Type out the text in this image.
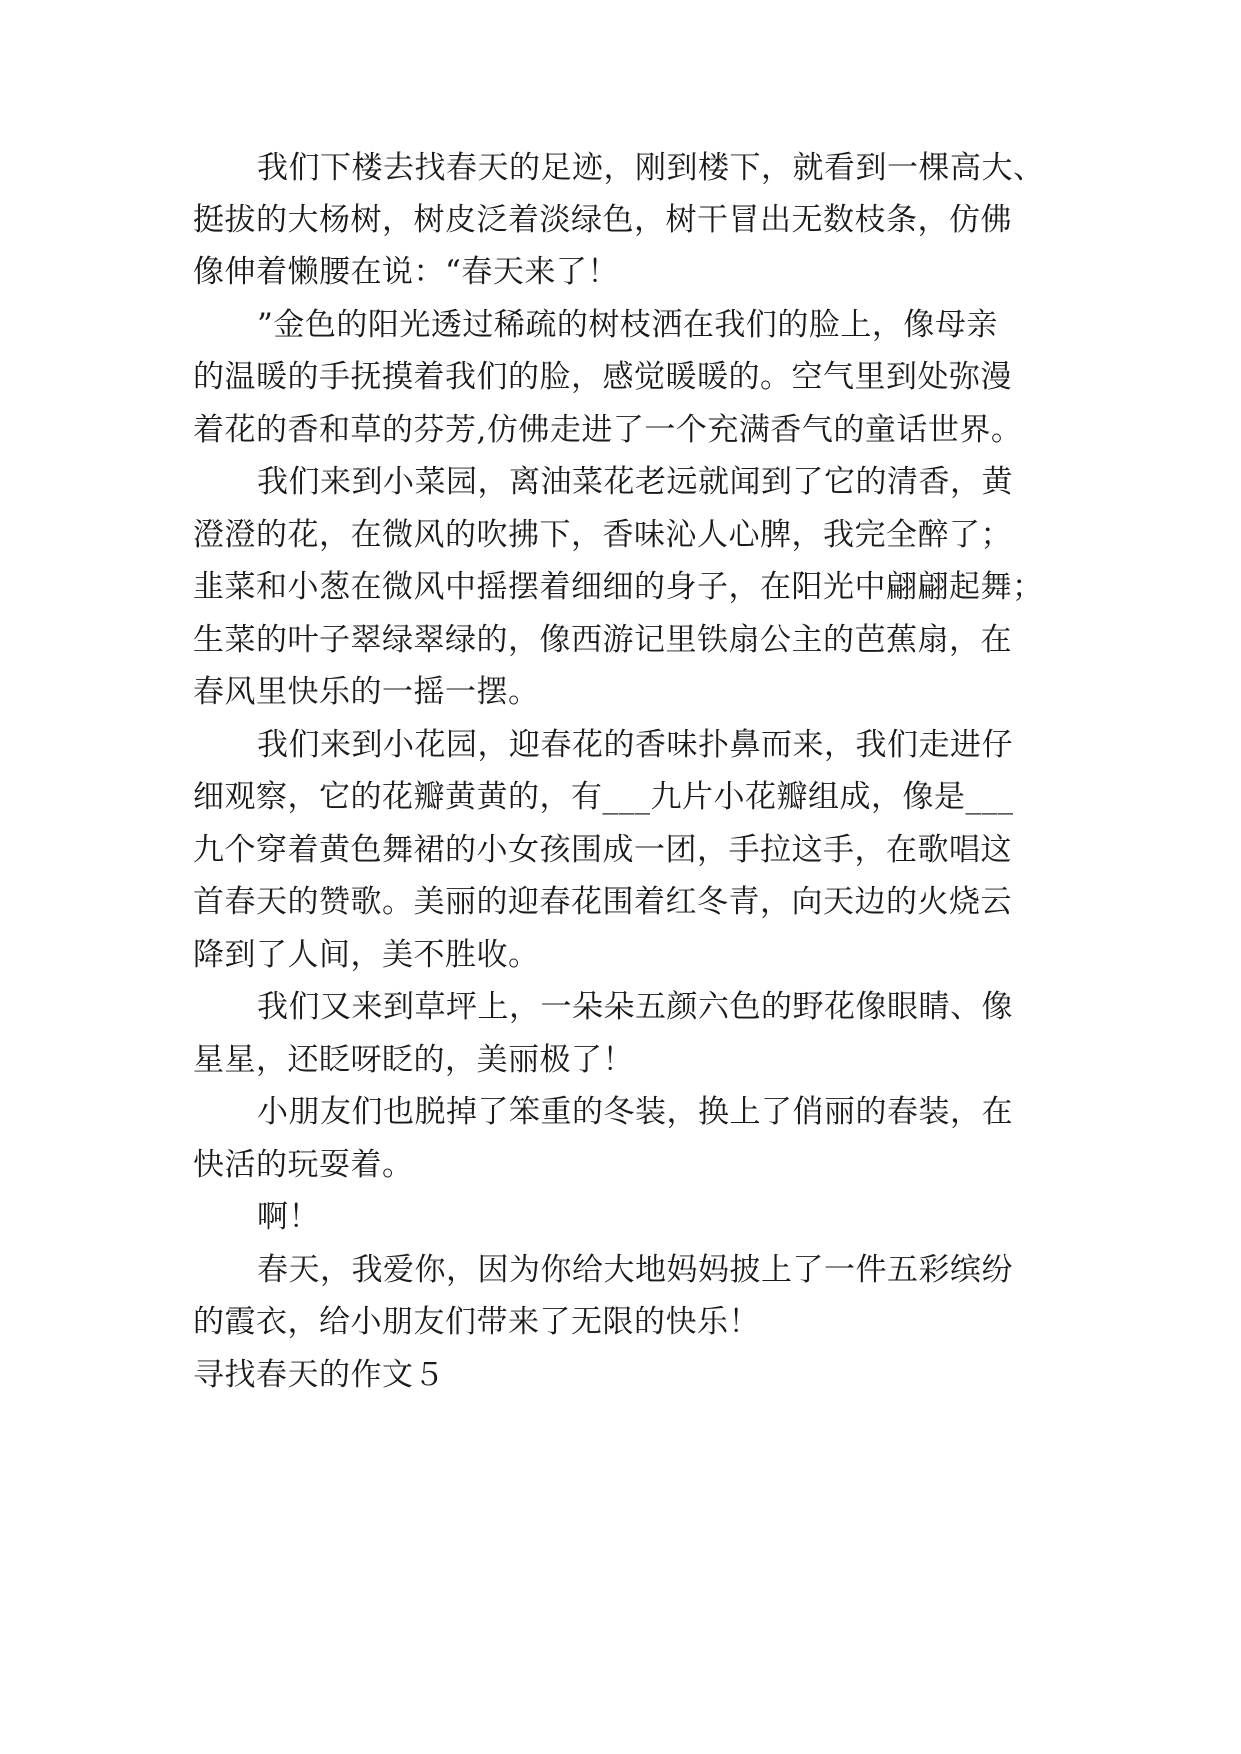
我们下楼去找春天的足迹，刚到楼下，就看到一棵高大、
挺拔的大杨树，树皮泛着淡绿色，树干冒出无数枝条，仿佛
像伸着懒腰在说：“春天来了！
”金色的阳光透过稀疏的树枝洒在我们的脸上，像母亲
的温暖的手抚摸着我们的脸，感觉暖暖的。空气里到处弥漫
着花的香和草的芬芳,仿佛走进了一个充满香气的童话世界。
我们来到小菜园，离油菜花老远就闻到了它的清香，黄
澄澄的花，在微风的吹拂下，香味沁人心脾，我完全醉了；
韭菜和小葱在微风中摇摆着细细的身子，在阳光中翩翩起舞；
生菜的叶子翠绿翠绿的，像西游记里铁扇公主的芭蕉扇，在
春风里快乐的一摇一摆。
我们来到小花园，迎春花的香味扑鼻而来，我们走进仔
细观察，它的花瓣黄黄的，有___九片小花瓣组成，像是___
九个穿着黄色舞裙的小女孩围成一团，手拉这手，在歌唱这
首春天的赞歌。美丽的迎春花围着红冬青，向天边的火烧云
降到了人间，美不胜收。
我们又来到草坪上，一朵朵五颜六色的野花像眼睛、像
星星，还眨呀眨的，美丽极了！
小朋友们也脱掉了笨重的冬装，换上了俏丽的春装，在
快活的玩耍着。
啊！
春天，我爱你，因为你给大地妈妈披上了一件五彩缤纷
的霞衣，给小朋友们带来了无限的快乐！
寻找春天的作文５
